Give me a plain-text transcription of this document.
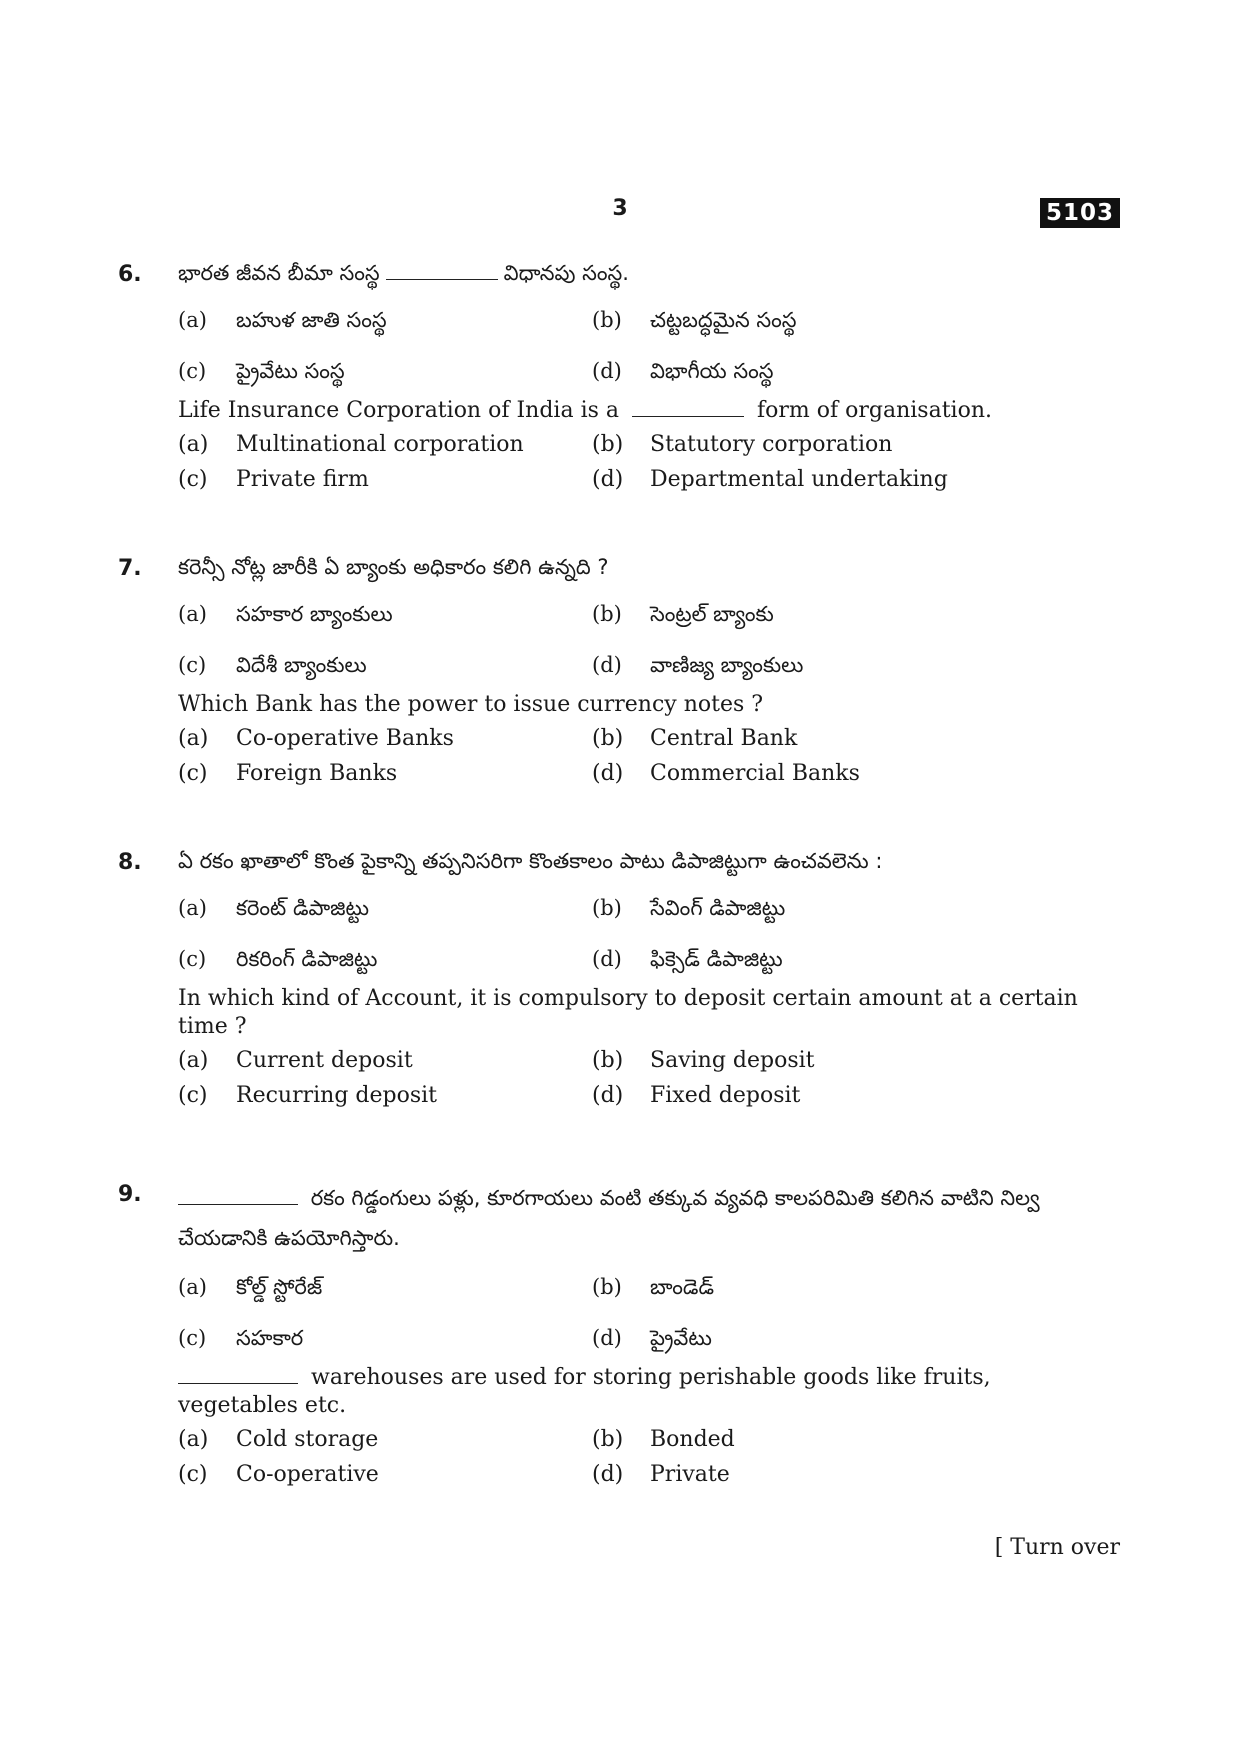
3	5103
6. భారత జీవన బీమా సంస్థ	విధానపు సంస్థ.
(a)	బహుళ జాతి సంస్థ	(b)	చట్టబద్ధమైన సంస్థ
(c)	ప్రైవేటు సంస్థ	(d)	విభాగీయ సంస్థ
Life Insurance Corporation of India is a	form of organisation.
(a)	Multinational corporation	(b)	Statutory corporation
(c)	Private firm	(d)	Departmental undertaking
7. కరెన్సీ నోట్ల జారీకి ఏ బ్యాంకు అధికారం కలిగి ఉన్నది ?
(a)	సహకార బ్యాంకులు	(b)	సెంట్రల్ బ్యాంకు
(c)	విదేశీ బ్యాంకులు	(d)	వాణిజ్య బ్యాంకులు
Which Bank has the power to issue currency notes ?
(a)	Co-operative Banks	(b)	Central Bank
(c)	Foreign Banks	(d)	Commercial Banks
8. ఏ రకం ఖాతాలో కొంత పైకాన్ని తప్పనిసరిగా కొంతకాలం పాటు డిపాజిట్టుగా ఉంచవలెను :
(a)	కరెంట్ డిపాజిట్టు	(b)	సేవింగ్ డిపాజిట్టు
(c)	రికరింగ్ డిపాజిట్టు	(d)	ఫిక్సెడ్ డిపాజిట్టు
In which kind of Account, it is compulsory to deposit certain amount at a certain time ?
(a)	Current deposit	(b)	Saving deposit
(c)	Recurring deposit	(d)	Fixed deposit
9.	రకం గిడ్డంగులు పళ్లు, కూరగాయలు వంటి తక్కువ వ్యవధి కాలపరిమితి కలిగిన వాటిని నిల్వ చేయడానికి ఉపయోగిస్తారు.
(a)	కోల్డ్ స్టోరేజ్	(b)	బాండెడ్
(c)	సహకార	(d)	ప్రైవేటు
warehouses are used for storing perishable goods like fruits, vegetables etc.
(a)	Cold storage	(b)	Bonded
(c)	Co-operative	(d)	Private
[ Turn over
